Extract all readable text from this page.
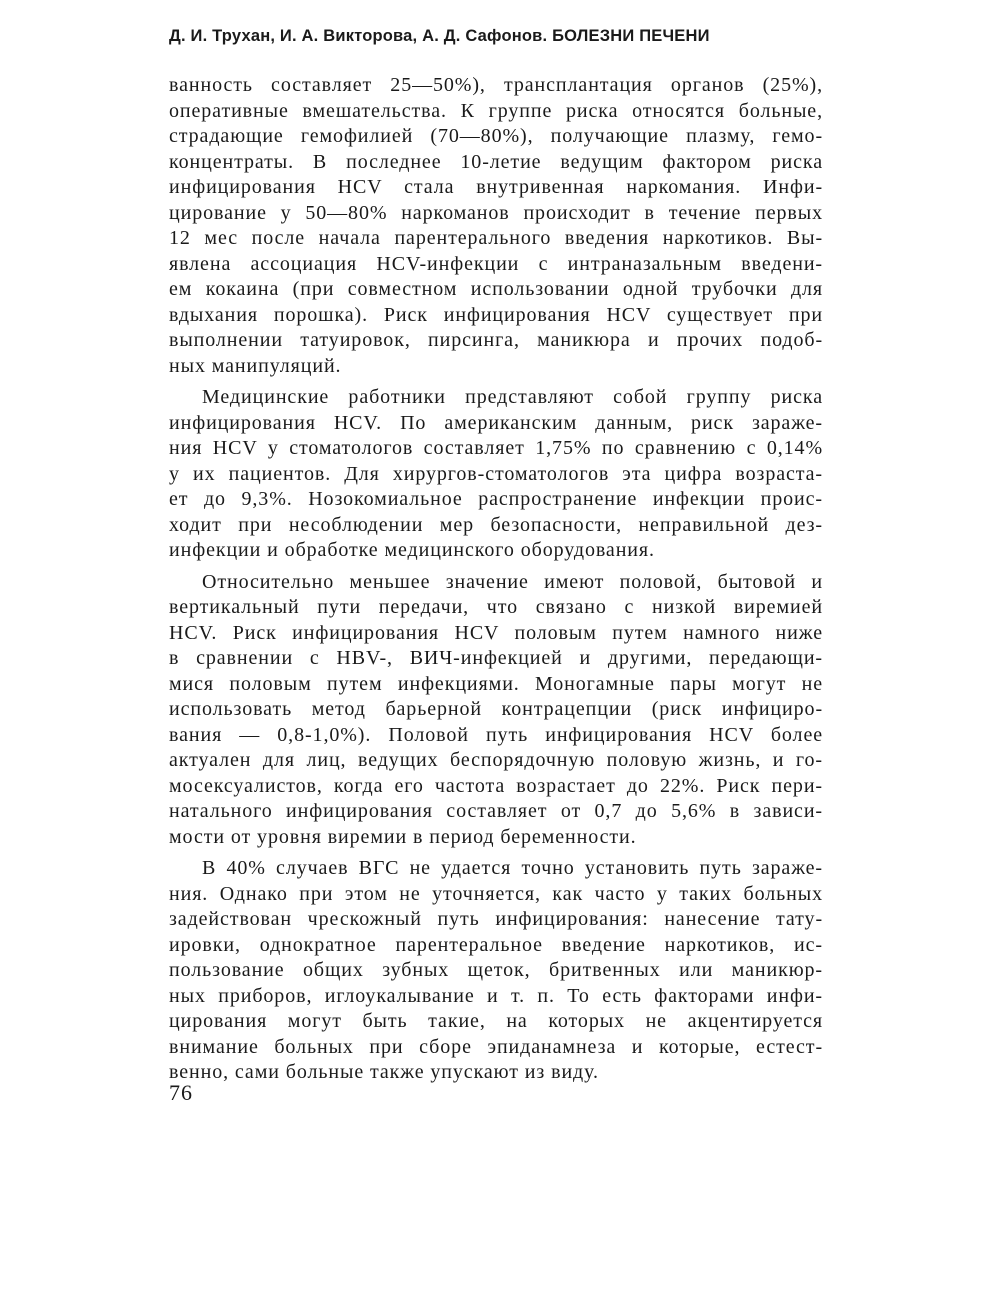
Д. И. Трухан, И. А. Викторова, А. Д. Сафонов. БОЛЕЗНИ ПЕЧЕНИ
ванность составляет 25—50%), трансплантация органов (25%),
оперативные вмешательства. К группе риска относятся больные,
страдающие гемофилией (70—80%), получающие плазму, гемо-
концентраты. В последнее 10-летие ведущим фактором риска
инфицирования HCV стала внутривенная наркомания. Инфи-
цирование у 50—80% наркоманов происходит в течение первых
12 мес после начала парентерального введения наркотиков. Вы-
явлена ассоциация HCV-инфекции с интраназальным введени-
ем кокаина (при совместном использовании одной трубочки для
вдыхания порошка). Риск инфицирования HCV существует при
выполнении татуировок, пирсинга, маникюра и прочих подоб-
ных манипуляций.
Медицинские работники представляют собой группу риска
инфицирования HCV. По американским данным, риск зараже-
ния HCV у стоматологов составляет 1,75% по сравнению с 0,14%
у их пациентов. Для хирургов-стоматологов эта цифра возраста-
ет до 9,3%. Нозокомиальное распространение инфекции проис-
ходит при несоблюдении мер безопасности, неправильной дез-
инфекции и обработке медицинского оборудования.
Относительно меньшее значение имеют половой, бытовой и
вертикальный пути передачи, что связано с низкой виремией
HCV. Риск инфицирования HCV половым путем намного ниже
в сравнении с HBV-, ВИЧ-инфекцией и другими, передающи-
мися половым путем инфекциями. Моногамные пары могут не
использовать метод барьерной контрацепции (риск инфициро-
вания — 0,8-1,0%). Половой путь инфицирования HCV более
актуален для лиц, ведущих беспорядочную половую жизнь, и го-
мосексуалистов, когда его частота возрастает до 22%. Риск пери-
натального инфицирования составляет от 0,7 до 5,6% в зависи-
мости от уровня виремии в период беременности.
В 40% случаев ВГС не удается точно установить путь зараже-
ния. Однако при этом не уточняется, как часто у таких больных
задействован чрескожный путь инфицирования: нанесение тату-
ировки, однократное парентеральное введение наркотиков, ис-
пользование общих зубных щеток, бритвенных или маникюр-
ных приборов, иглоукалывание и т. п. То есть факторами инфи-
цирования могут быть такие, на которых не акцентируется
внимание больных при сборе эпиданамнеза и которые, естест-
венно, сами больные также упускают из виду.
76
